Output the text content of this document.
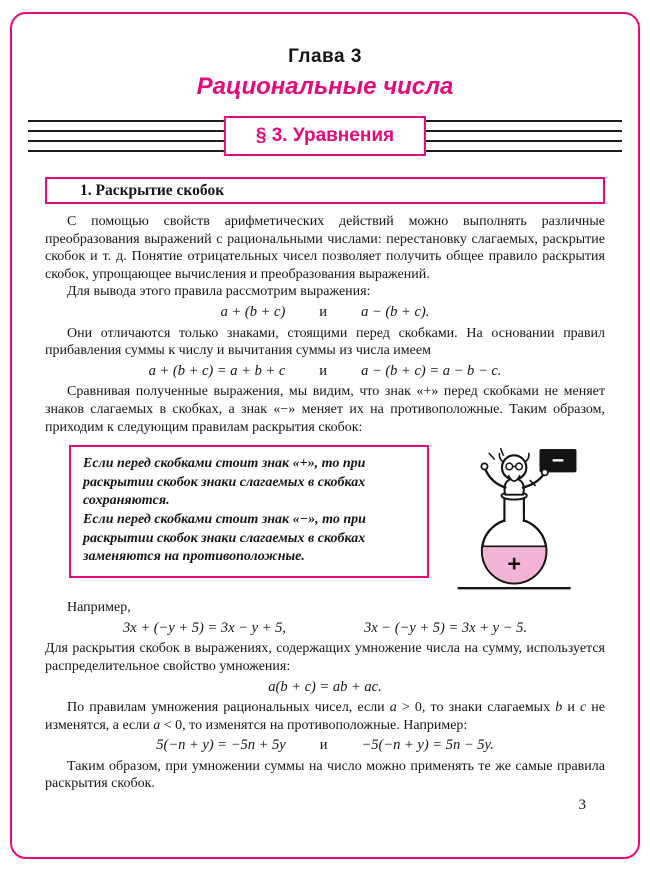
Глава 3
Рациональные числа
§ 3. Уравнения
1. Раскрытие скобок

С помощью свойств арифметических действий можно выполнять различные преобразования выражений с рациональными числами: перестановку слагаемых, раскрытие скобок и т. д. Понятие отрицательных чисел позволяет получить общее правило раскрытия скобок, упрощающее вычисления и преобразования выражений.

Для вывода этого правила рассмотрим выражения:

a + (b + c) и a − (b + c).

Они отличаются только знаками, стоящими перед скобками. На основании правил прибавления суммы к числу и вычитания суммы из числа имеем

a + (b + c) = a + b + c и a − (b + c) = a − b − c.

Сравнивая полученные выражения, мы видим, что знак «+» перед скобками не меняет знаков слагаемых в скобках, а знак «−» меняет их на противоположные. Таким образом, приходим к следующим правилам раскрытия скобок:

Если перед скобками стоит знак «+», то при раскрытии скобок знаки слагаемых в скобках сохраняются.

Если перед скобками стоит знак «−», то при раскрытии скобок знаки слагаемых в скобках заменяются на противоположные.

−
+

Например,

3x + (−y + 5) = 3x − y + 5,	3x − (−y + 5) = 3x + y − 5.

Для раскрытия скобок в выражениях, содержащих умножение числа на сумму, используется распределительное свойство умножения:

a(b + c) = ab + ac.

По правилам умножения рациональных чисел, если a > 0, то знаки слагаемых b и c не изменятся, а если a < 0, то изменятся на противоположные. Например:

5(−n + y) = −5n + 5y и −5(−n + y) = 5n − 5y.

Таким образом, при умножении суммы на число можно применять те же самые правила раскрытия скобок.

3
